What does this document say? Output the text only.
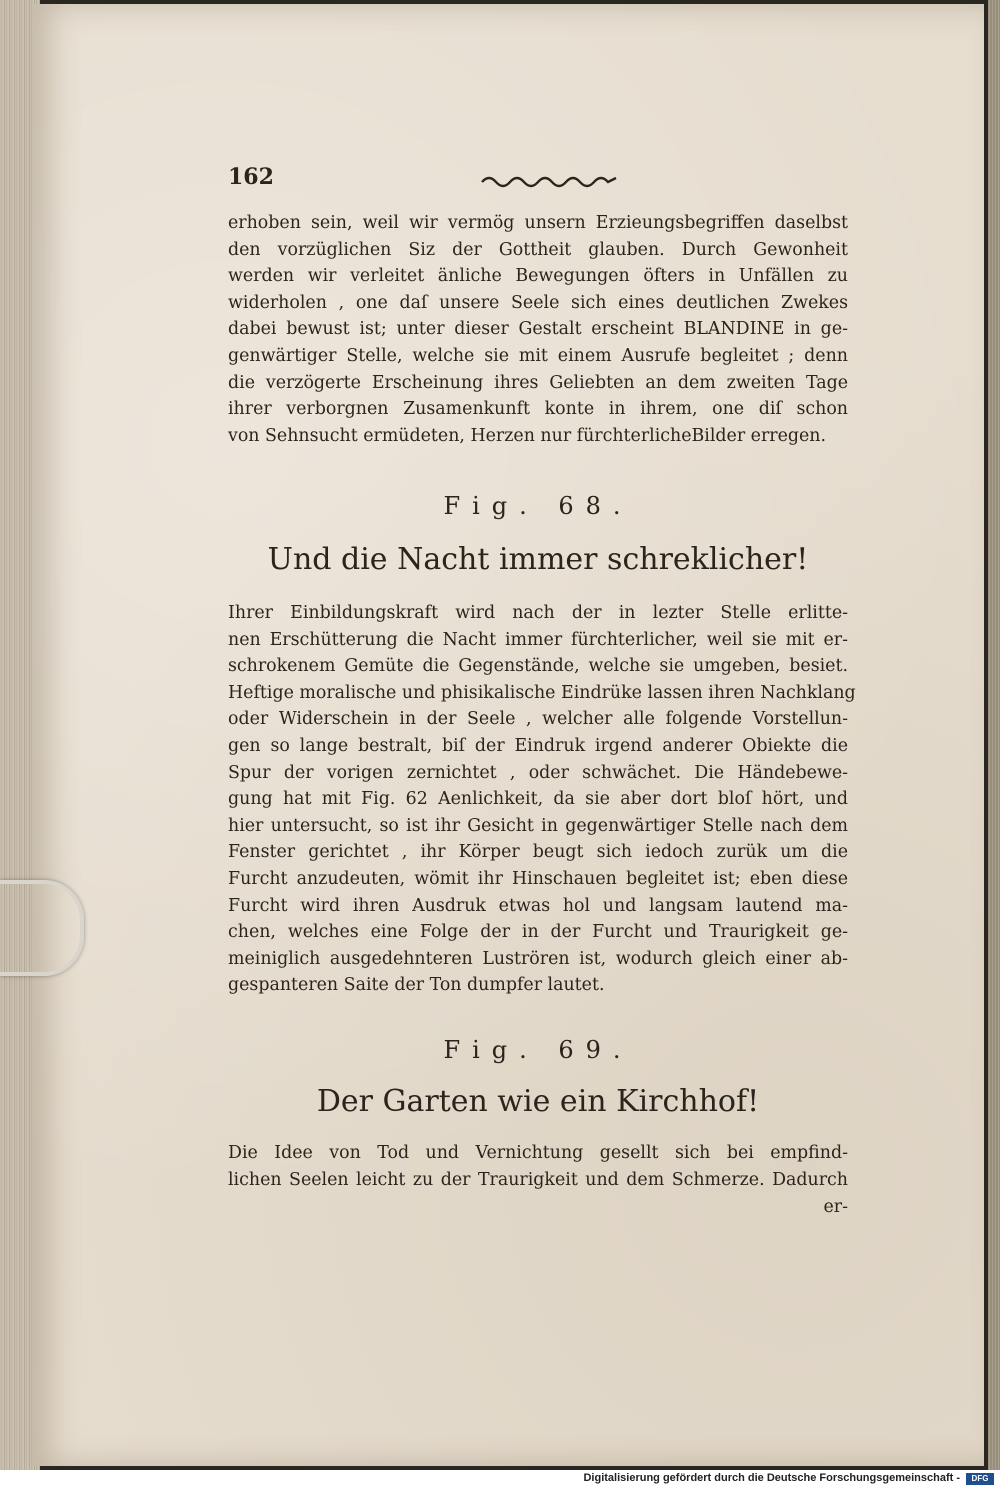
162
erhoben sein, weil wir vermög unsern Erzieungsbegriffen daselbst
den vorzüglichen Siz der Gottheit glauben. Durch Gewonheit
werden wir verleitet änliche Bewegungen öfters in Unfällen zu
widerholen , one daſ unsere Seele sich eines deutlichen Zwekes
dabei bewust ist; unter dieser Gestalt erscheint BLANDINE in ge-
genwärtiger Stelle, welche sie mit einem Ausrufe begleitet ; denn
die verzögerte Erscheinung ihres Geliebten an dem zweiten Tage
ihrer verborgnen Zusamenkunft konte in ihrem, one diſ schon
von Sehnsucht ermüdeten, Herzen nur fürchterlicheBilder erregen.
Fig. 68.
Und die Nacht immer schreklicher!
Ihrer Einbildungskraft wird nach der in lezter Stelle erlitte-
nen Erschütterung die Nacht immer fürchterlicher, weil sie mit er-
schrokenem Gemüte die Gegenstände, welche sie umgeben, besiet.
Heftige moralische und phisikalische Eindrüke lassen ihren Nachklang
oder Widerschein in der Seele , welcher alle folgende Vorstellun-
gen so lange bestralt, biſ der Eindruk irgend anderer Obiekte die
Spur der vorigen zernichtet , oder schwächet. Die Händebewe-
gung hat mit Fig. 62 Aenlichkeit, da sie aber dort bloſ hört, und
hier untersucht, so ist ihr Gesicht in gegenwärtiger Stelle nach dem
Fenster gerichtet , ihr Körper beugt sich iedoch zurük um die
Furcht anzudeuten, wömit ihr Hinschauen begleitet ist; eben diese
Furcht wird ihren Ausdruk etwas hol und langsam lautend ma-
chen, welches eine Folge der in der Furcht und Traurigkeit ge-
meiniglich ausgedehnteren Luströren ist, wodurch gleich einer ab-
gespanteren Saite der Ton dumpfer lautet.
Fig. 69.
Der Garten wie ein Kirchhof!
Die Idee von Tod und Vernichtung gesellt sich bei empfind-
lichen Seelen leicht zu der Traurigkeit und dem Schmerze. Dadurch
er-
Digitalisierung gefördert durch die Deutsche Forschungsgemeinschaft -	DFG
